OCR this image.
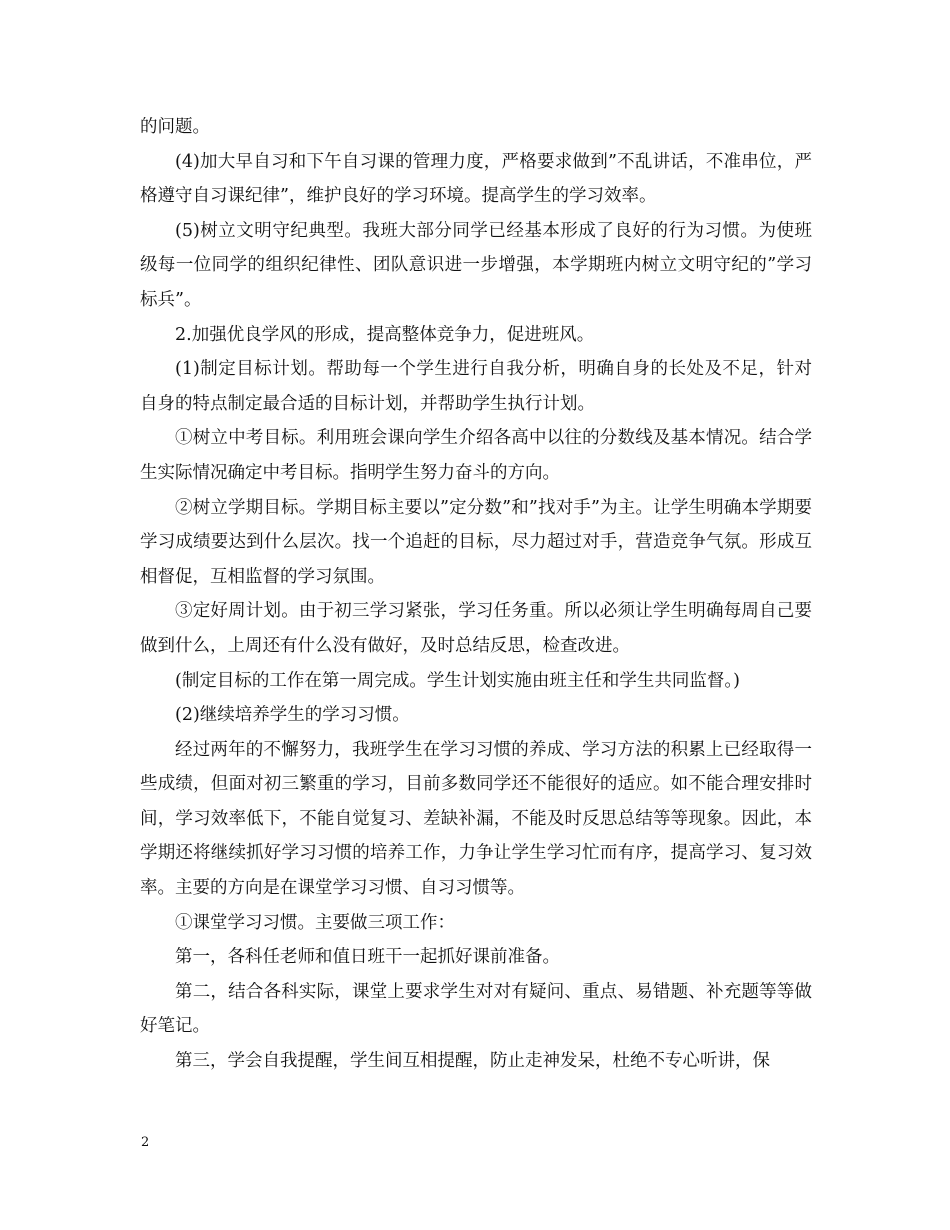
的问题。

(4)加大早自习和下午自习课的管理力度，严格要求做到”不乱讲话，不准串位，严格遵守自习课纪律”，维护良好的学习环境。提高学生的学习效率。

(5)树立文明守纪典型。我班大部分同学已经基本形成了良好的行为习惯。为使班级每一位同学的组织纪律性、团队意识进一步增强，本学期班内树立文明守纪的”学习标兵”。

2.加强优良学风的形成，提高整体竞争力，促进班风。

(1)制定目标计划。帮助每一个学生进行自我分析，明确自身的长处及不足，针对自身的特点制定最合适的目标计划，并帮助学生执行计划。

①树立中考目标。利用班会课向学生介绍各高中以往的分数线及基本情况。结合学生实际情况确定中考目标。指明学生努力奋斗的方向。

②树立学期目标。学期目标主要以”定分数”和”找对手”为主。让学生明确本学期要学习成绩要达到什么层次。找一个追赶的目标，尽力超过对手，营造竞争气氛。形成互相督促，互相监督的学习氛围。

③定好周计划。由于初三学习紧张，学习任务重。所以必须让学生明确每周自己要做到什么，上周还有什么没有做好，及时总结反思，检查改进。

(制定目标的工作在第一周完成。学生计划实施由班主任和学生共同监督。)

(2)继续培养学生的学习习惯。

经过两年的不懈努力，我班学生在学习习惯的养成、学习方法的积累上已经取得一些成绩，但面对初三繁重的学习，目前多数同学还不能很好的适应。如不能合理安排时间，学习效率低下，不能自觉复习、差缺补漏，不能及时反思总结等等现象。因此，本学期还将继续抓好学习习惯的培养工作，力争让学生学习忙而有序，提高学习、复习效率。主要的方向是在课堂学习习惯、自习习惯等。

①课堂学习习惯。主要做三项工作：

第一，各科任老师和值日班干一起抓好课前准备。

第二，结合各科实际，课堂上要求学生对对有疑问、重点、易错题、补充题等等做好笔记。

第三，学会自我提醒，学生间互相提醒，防止走神发呆，杜绝不专心听讲，保

2
